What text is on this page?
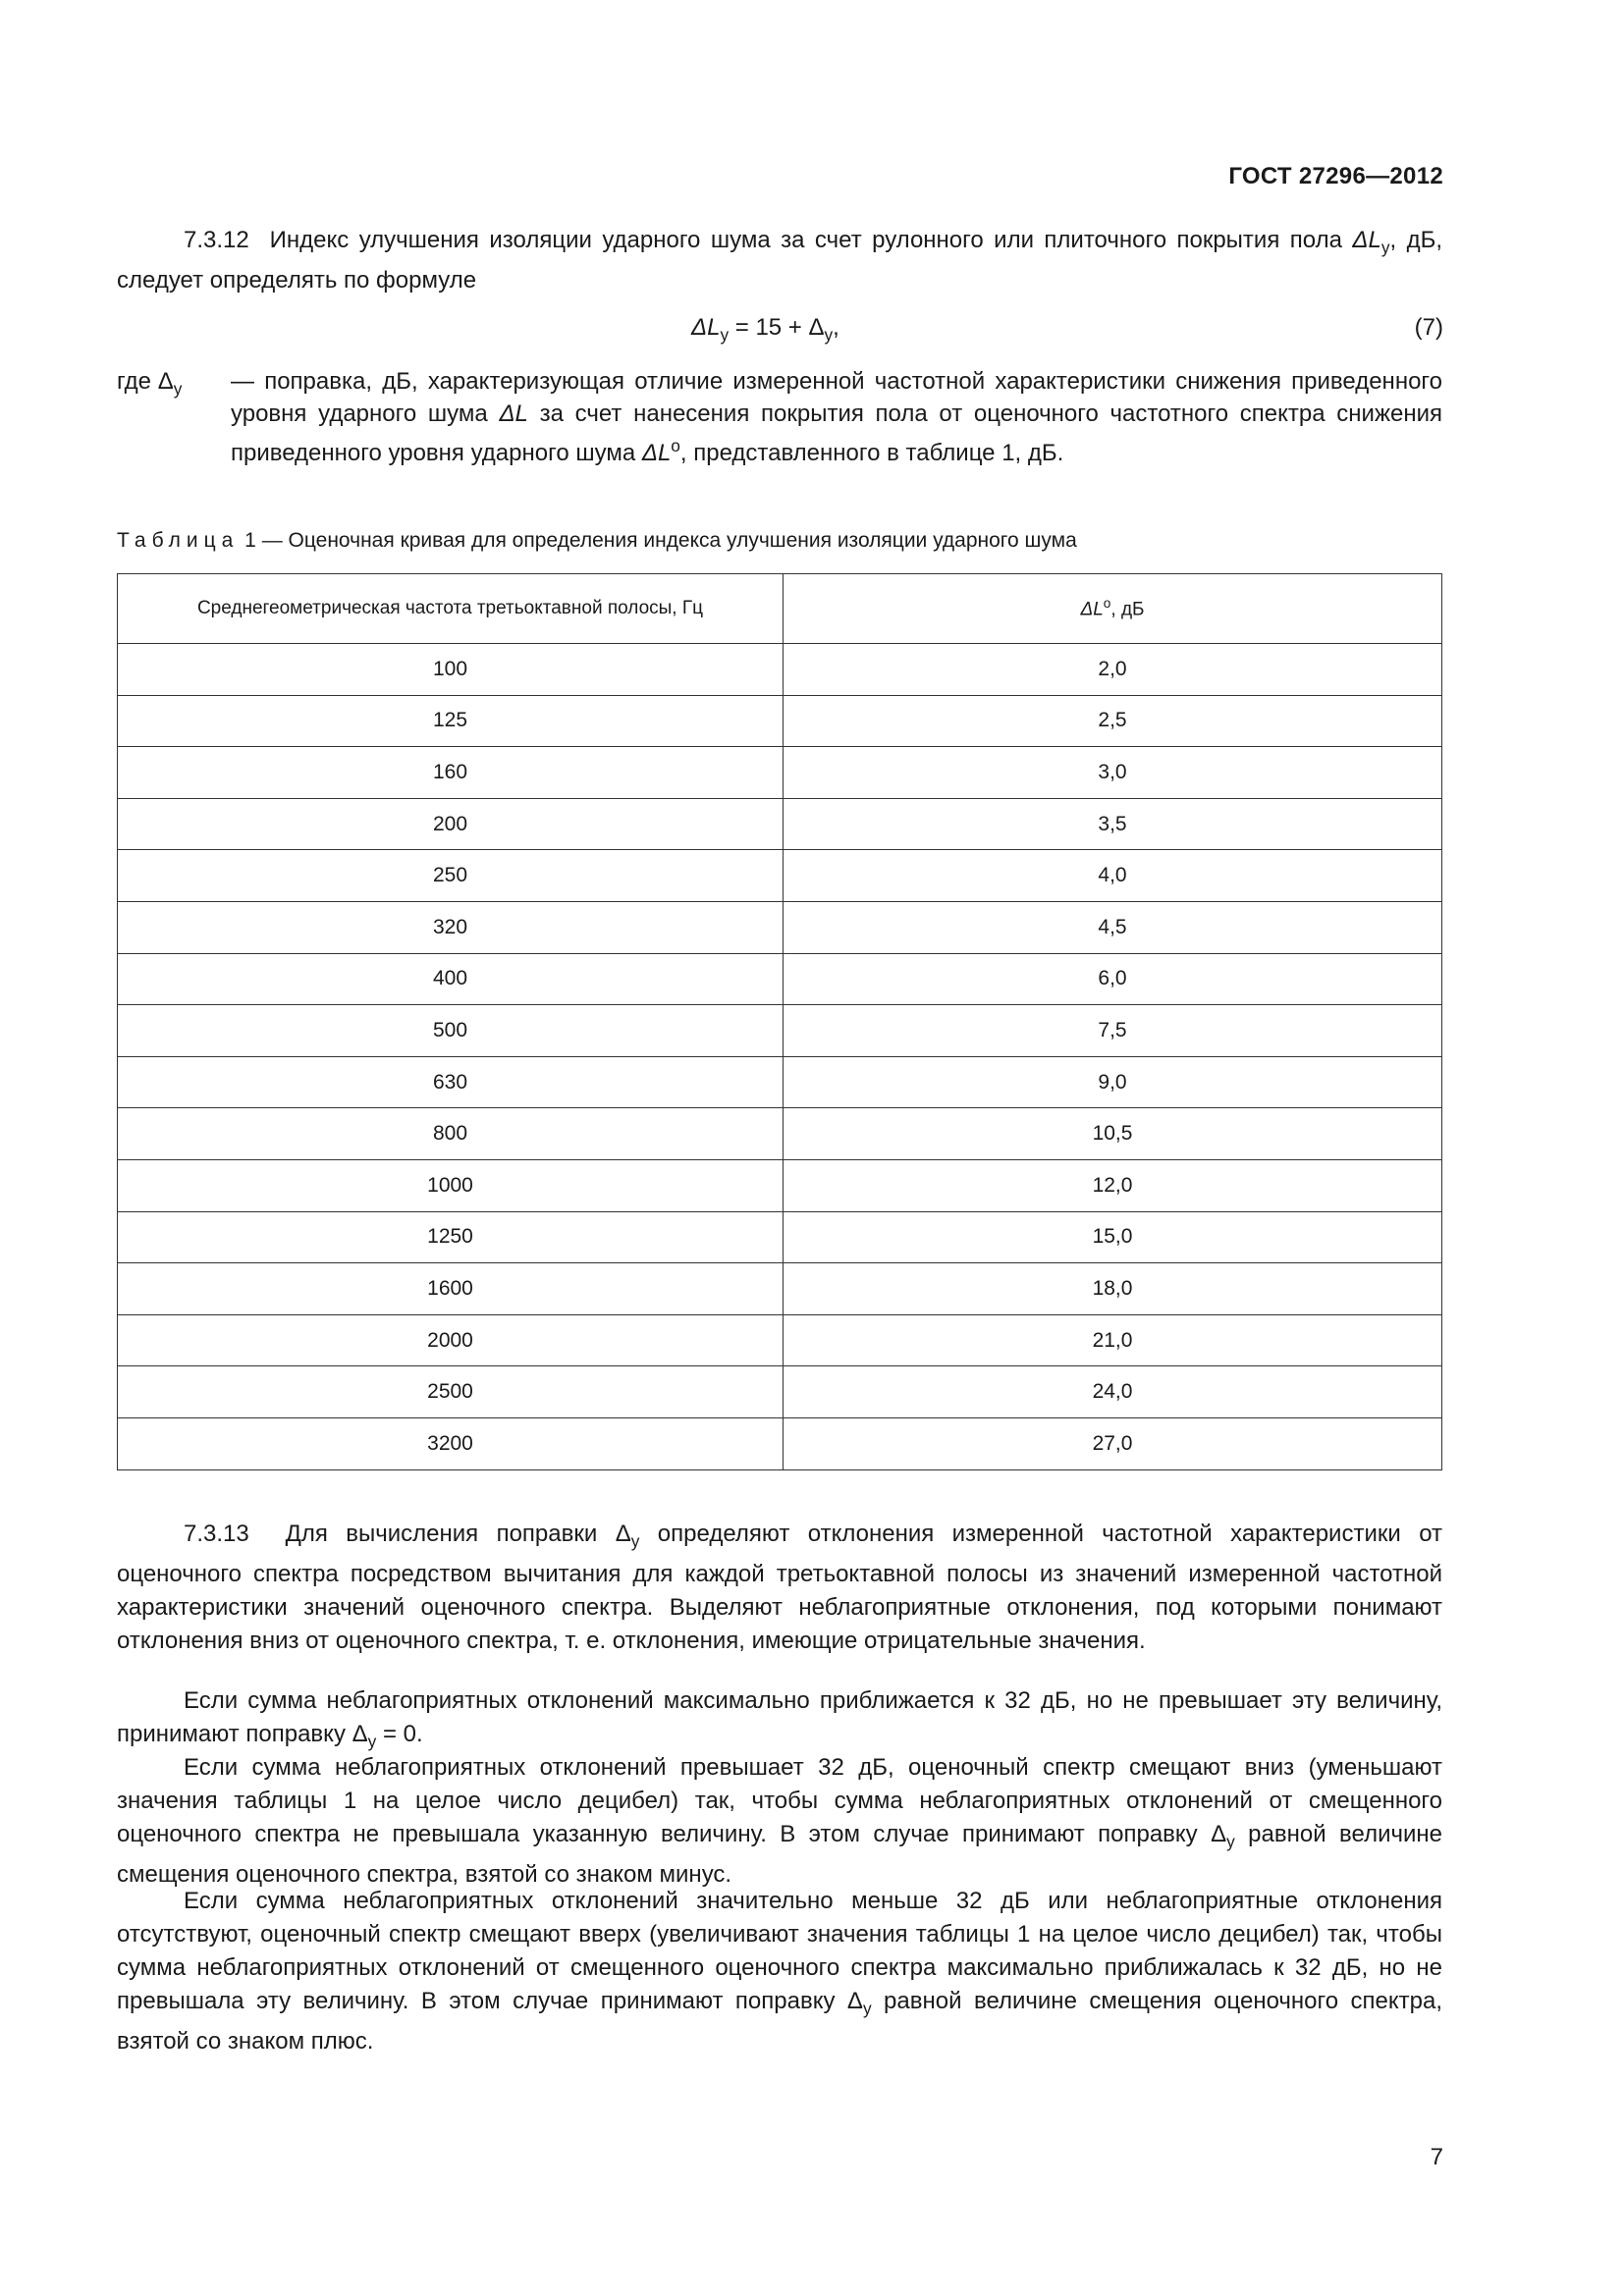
ГОСТ 27296—2012
7.3.12 Индекс улучшения изоляции ударного шума за счет рулонного или плиточного покрытия пола $\Delta L_у$, дБ, следует определять по формуле
$\Delta L_у = 15 + \Delta_у$,	(7)
где $\Delta_у$ — поправка, дБ, характеризующая отличие измеренной частотной характеристики снижения приведенного уровня ударного шума ΔL за счет нанесения покрытия пола от оценочного частотного спектра снижения приведенного уровня ударного шума $\Delta L^о$, представленного в таблице 1, дБ.
Таблица 1 — Оценочная кривая для определения индекса улучшения изоляции ударного шума
Среднегеометрическая частота третьоктавной полосы, Гц	$\Delta L^о$, дБ
100	2,0
125	2,5
160	3,0
200	3,5
250	4,0
320	4,5
400	6,0
500	7,5
630	9,0
800	10,5
1000	12,0
1250	15,0
1600	18,0
2000	21,0
2500	24,0
3200	27,0
7.3.13 Для вычисления поправки $\Delta_у$ определяют отклонения измеренной частотной характеристики от оценочного спектра посредством вычитания для каждой третьоктавной полосы из значений измеренной частотной характеристики значений оценочного спектра. Выделяют неблагоприятные отклонения, под которыми понимают отклонения вниз от оценочного спектра, т. е. отклонения, имеющие отрицательные значения.
Если сумма неблагоприятных отклонений максимально приближается к 32 дБ, но не превышает эту величину, принимают поправку $\Delta_у = 0$.
Если сумма неблагоприятных отклонений превышает 32 дБ, оценочный спектр смещают вниз (уменьшают значения таблицы 1 на целое число децибел) так, чтобы сумма неблагоприятных отклонений от смещенного оценочного спектра не превышала указанную величину. В этом случае принимают поправку $\Delta_у$ равной величине смещения оценочного спектра, взятой со знаком минус.
Если сумма неблагоприятных отклонений значительно меньше 32 дБ или неблагоприятные отклонения отсутствуют, оценочный спектр смещают вверх (увеличивают значения таблицы 1 на целое число децибел) так, чтобы сумма неблагоприятных отклонений от смещенного оценочного спектра максимально приближалась к 32 дБ, но не превышала эту величину. В этом случае принимают поправку $\Delta_у$ равной величине смещения оценочного спектра, взятой со знаком плюс.
7
